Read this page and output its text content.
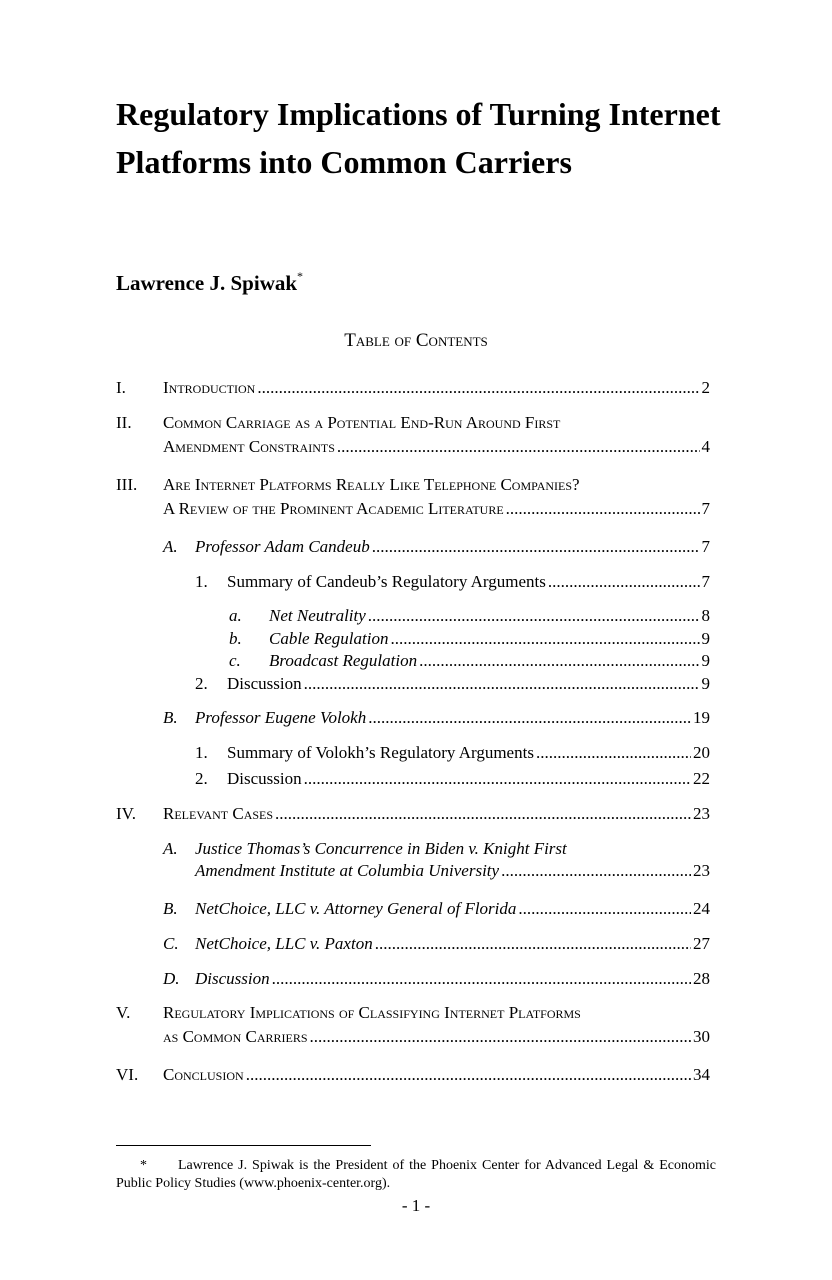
Regulatory Implications of Turning Internet Platforms into Common Carriers
Lawrence J. Spiwak*
Table of Contents
I. Introduction .....	2
II. Common Carriage as a Potential End-Run Around First
Amendment Constraints .....	4
III. Are Internet Platforms Really Like Telephone Companies?
A Review of the Prominent Academic Literature .....	7
A. Professor Adam Candeub .....	7
1. Summary of Candeub’s Regulatory Arguments .....	7
a. Net Neutrality .....	8
b. Cable Regulation .....	9
c. Broadcast Regulation .....	9
2. Discussion .....	9
B. Professor Eugene Volokh .....	19
1. Summary of Volokh’s Regulatory Arguments .....	20
2. Discussion .....	22
IV. Relevant Cases .....	23
A. Justice Thomas’s Concurrence in Biden v. Knight First
Amendment Institute at Columbia University .....	23
B. NetChoice, LLC v. Attorney General of Florida .....	24
C. NetChoice, LLC v. Paxton .....	27
D. Discussion .....	28
V. Regulatory Implications of Classifying Internet Platforms
as Common Carriers .....	30
VI. Conclusion .....	34
* Lawrence J. Spiwak is the President of the Phoenix Center for Advanced Legal & Economic Public Policy Studies (www.phoenix-center.org).
- 1 -
